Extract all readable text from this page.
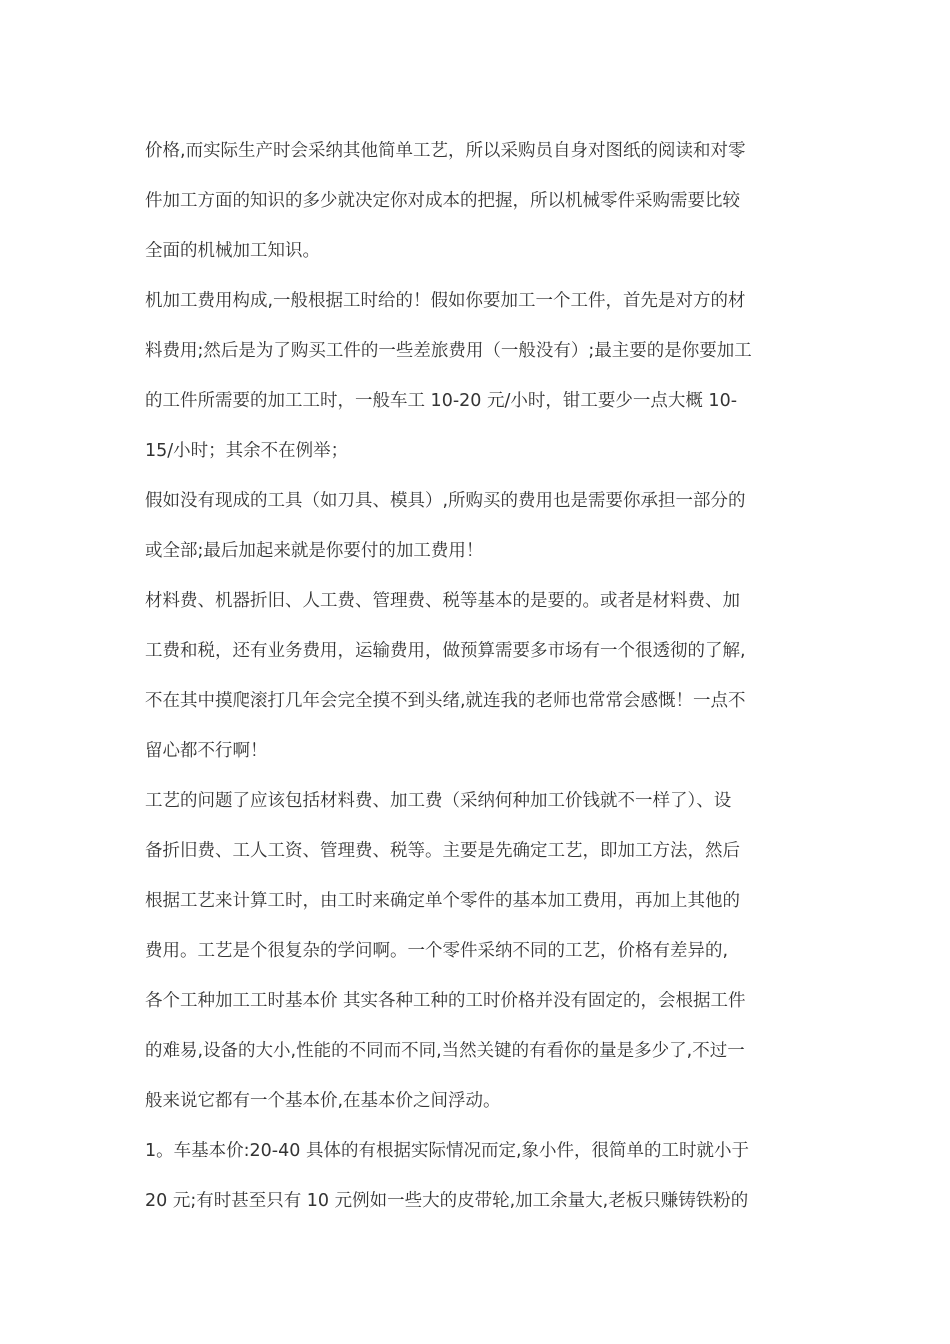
价格,而实际生产时会采纳其他简单工艺，所以采购员自身对图纸的阅读和对零
件加工方面的知识的多少就决定你对成本的把握，所以机械零件采购需要比较
全面的机械加工知识。
机加工费用构成,一般根据工时给的！假如你要加工一个工件，首先是对方的材
料费用;然后是为了购买工件的一些差旅费用（一般没有）;最主要的是你要加工
的工件所需要的加工工时，一般车工 10-20 元/小时，钳工要少一点大概 10-
15/小时；其余不在例举；
假如没有现成的工具（如刀具、模具）,所购买的费用也是需要你承担一部分的
或全部;最后加起来就是你要付的加工费用！
材料费、机器折旧、人工费、管理费、税等基本的是要的。或者是材料费、加
工费和税，还有业务费用，运输费用，做预算需要多市场有一个很透彻的了解,
不在其中摸爬滚打几年会完全摸不到头绪,就连我的老师也常常会感慨！一点不
留心都不行啊！
工艺的问题了应该包括材料费、加工费（采纳何种加工价钱就不一样了）、设
备折旧费、工人工资、管理费、税等。主要是先确定工艺，即加工方法，然后
根据工艺来计算工时，由工时来确定单个零件的基本加工费用，再加上其他的
费用。工艺是个很复杂的学问啊。一个零件采纳不同的工艺，价格有差异的,
各个工种加工工时基本价 其实各种工种的工时价格并没有固定的，会根据工件
的难易,设备的大小,性能的不同而不同,当然关键的有看你的量是多少了,不过一
般来说它都有一个基本价,在基本价之间浮动。
1。车基本价:20-40 具体的有根据实际情况而定,象小件，很简单的工时就小于
20 元;有时甚至只有 10 元例如一些大的皮带轮,加工余量大,老板只赚铸铁粉的
